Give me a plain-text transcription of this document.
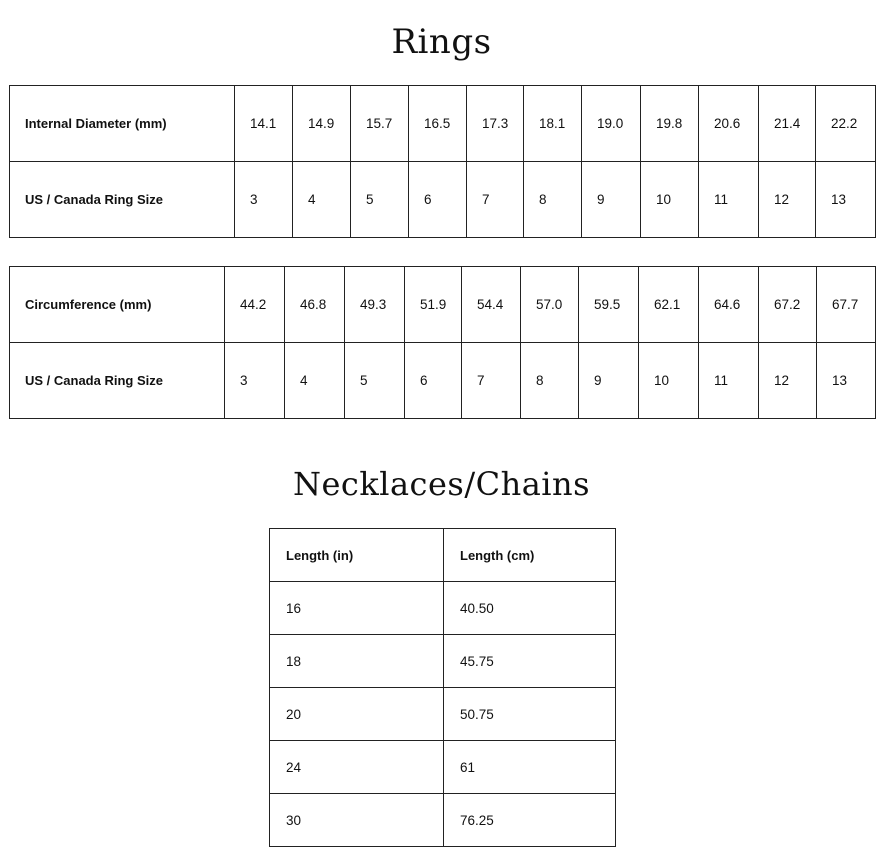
Rings
Internal Diameter (mm)	14.1	14.9	15.7	16.5	17.3	18.1	19.0	19.8	20.6	21.4	22.2
US / Canada Ring Size	3	4	5	6	7	8	9	10	11	12	13
Circumference (mm)	44.2	46.8	49.3	51.9	54.4	57.0	59.5	62.1	64.6	67.2	67.7
US / Canada Ring Size	3	4	5	6	7	8	9	10	11	12	13
Necklaces/Chains
Length (in)	Length (cm)
16	40.50
18	45.75
20	50.75
24	61
30	76.25
